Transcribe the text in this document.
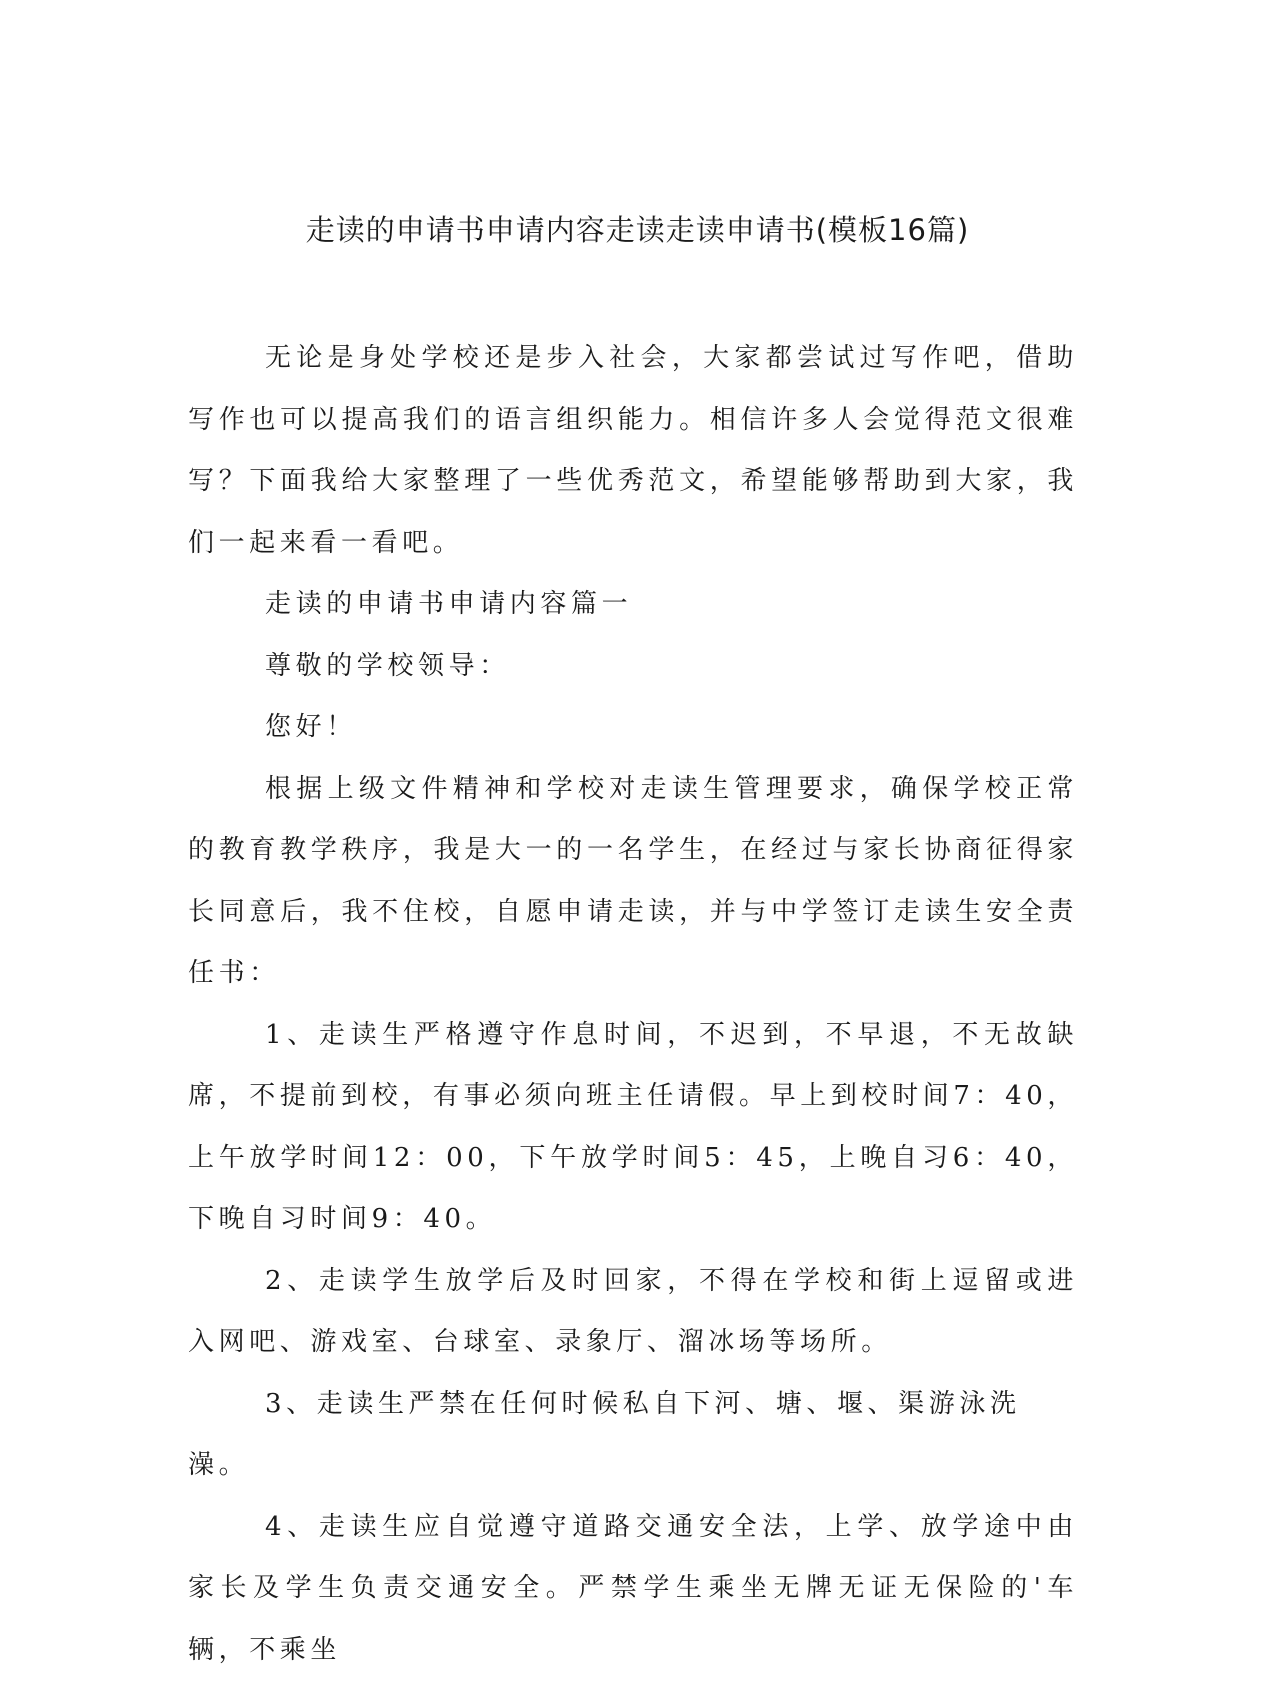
走读的申请书申请内容走读走读申请书(模板16篇)

无论是身处学校还是步入社会，大家都尝试过写作吧，借助写作也可以提高我们的语言组织能力。相信许多人会觉得范文很难写？下面我给大家整理了一些优秀范文，希望能够帮助到大家，我们一起来看一看吧。

走读的申请书申请内容篇一

尊敬的学校领导：

您好！

根据上级文件精神和学校对走读生管理要求，确保学校正常的教育教学秩序，我是大一的一名学生，在经过与家长协商征得家长同意后，我不住校，自愿申请走读，并与中学签订走读生安全责任书：

1、走读生严格遵守作息时间，不迟到，不早退，不无故缺席，不提前到校，有事必须向班主任请假。早上到校时间7：40，上午放学时间12：00，下午放学时间5：45，上晚自习6：40，下晚自习时间9：40。

2、走读学生放学后及时回家，不得在学校和街上逗留或进入网吧、游戏室、台球室、录象厅、溜冰场等场所。

3、走读生严禁在任何时候私自下河、塘、堰、渠游泳洗澡。

4、走读生应自觉遵守道路交通安全法，上学、放学途中由家长及学生负责交通安全。严禁学生乘坐无牌无证无保险的'车辆，不乘坐
